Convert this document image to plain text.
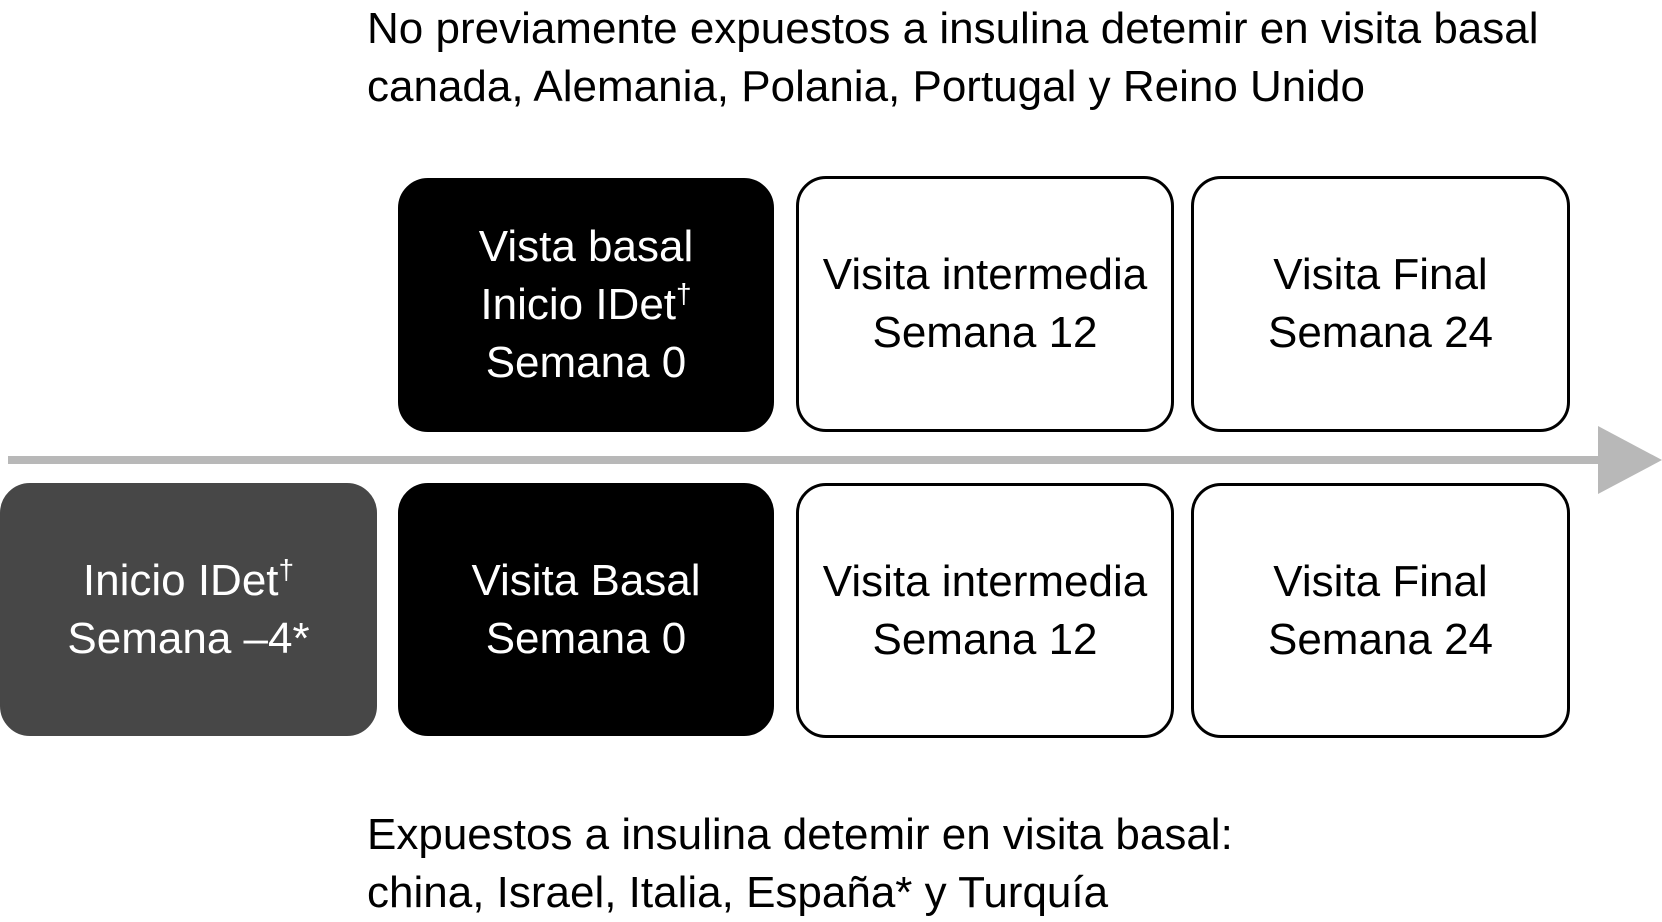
No previamente expuestos a insulina detemir en visita basal
canada, Alemania, Polania, Portugal y Reino Unido
Vista basal
Inicio IDet†
Semana 0
Visita intermedia
Semana 12
Visita Final
Semana 24
Inicio IDet†
Semana –4*
Visita Basal
Semana 0
Visita intermedia
Semana 12
Visita Final
Semana 24
Expuestos a insulina detemir en visita basal:
china, Israel, Italia, España* y Turquía
